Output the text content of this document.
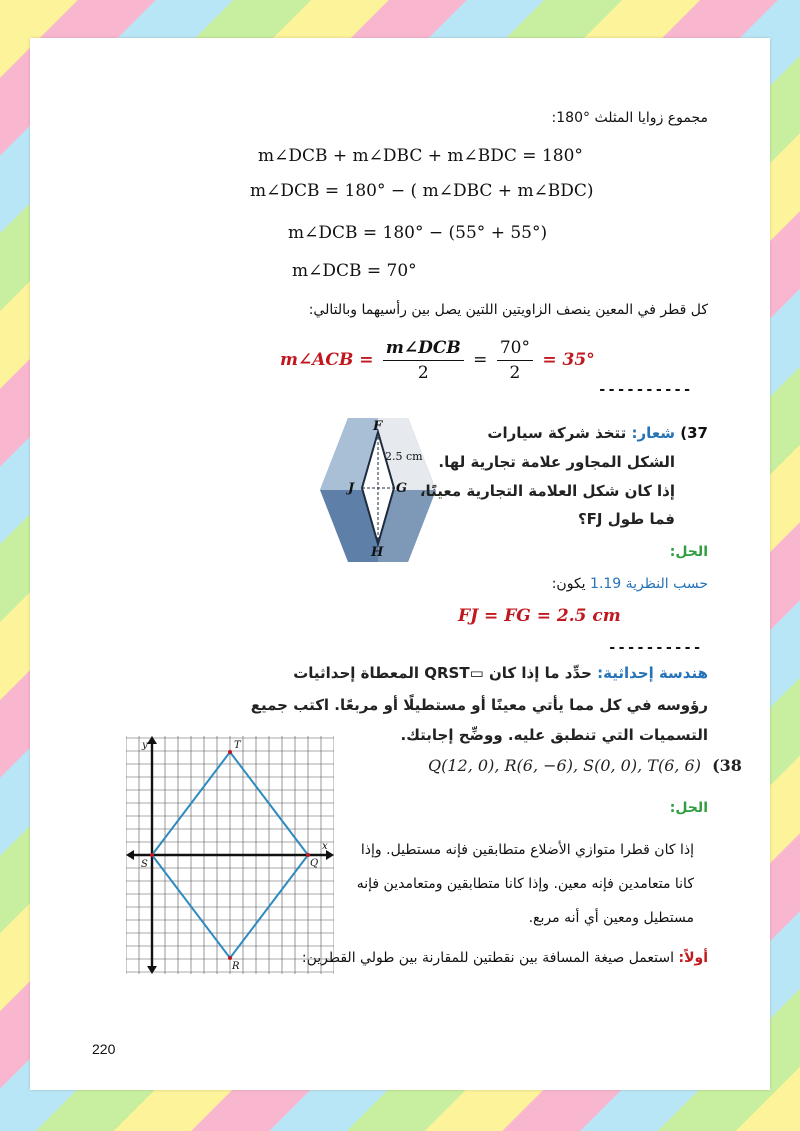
مجموع زوايا المثلث °180:
m∠DCB + m∠DBC + m∠BDC = 180°
m∠DCB = 180° − ( m∠DBC + m∠BDC)
m∠DCB = 180° − (55° + 55°)
m∠DCB = 70°
كل قطر في المعين ينصف الزاويتين اللتين يصل بين رأسيهما وبالتالي:
m∠ACB = $\frac{\text{m∠DCB}}{2} = \frac{70^\circ}{2} = 35^\circ$
----------
F
G
J
H
2.5 cm
37) شعار: تتخذ شركة سيارات
الشكل المجاور علامة تجارية لها.
إذا كان شكل العلامة التجارية معينًا،
فما طول FJ؟
الحل:
حسب النظرية 1.19 يكون:
FJ = FG = 2.5 cm
----------
هندسة إحداثية: حدِّد ما إذا كان ▭QRST المعطاة إحداثيات
رؤوسه في كل مما يأتي معينًا أو مستطيلًا أو مربعًا. اكتب جميع
التسميات التي تنطبق عليه. ووضِّح إجابتك.
Q(12, 0), R(6, −6), S(0, 0), T(6, 6) (38
الحل:
إذا كان قطرا متوازي الأضلاع متطابقين فإنه مستطيل. وإذا
كانا متعامدين فإنه معين. وإذا كانا متطابقين ومتعامدين فإنه
مستطيل ومعين أي أنه مربع.
أولاً: استعمل صيغة المسافة بين نقطتين للمقارنة بين طولي القطرين:
T
Q
R
S
x
y
220
